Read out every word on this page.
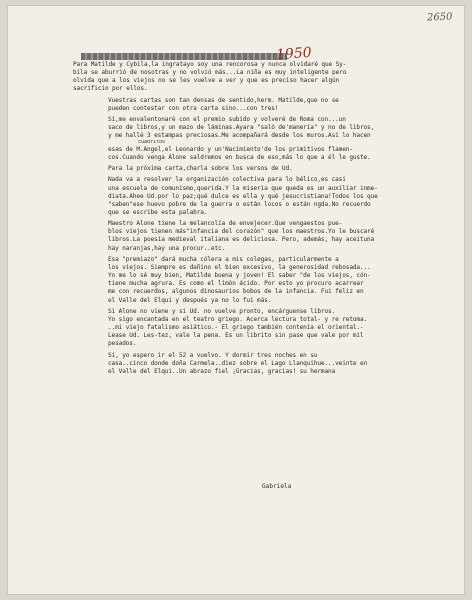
2650
1950
Para Matilde y Cybila,la ingratayo soy una rencorosa y nunca olvidaré que Sy-
bila se aburrió de nosotras y no volvió más...La niña es muy inteligente pero
olvida que a los viejos no se les vuelve a ver y que es preciso hacer algún
sacrificio por ellos.
Vuestras cartas son tan densas de sentido,herm. Matilde,que no se
pueden contestar con otra carta sino...con tres!
Sí,me envalentonaré con el premio subido y volveré de Roma con...un
saco de libros,y un mazo de láminas.Ayara "saló de'manería" y no de libros,
y me hallé 3 estampas preciosas.Me acompañará desde los muros.Así lo hacen
cuadritos
esas de M.Angel,el Leonardo y un'Nacimiento'de los primitivos flamen-
cos.Cuando venga Alone saldremos en busca de eso,más lo que a él le guste.
Para la próxima carta,charla sobre los versos de Ud.
Nada va a resolver la organización colectiva para lo bélico,es casi
una escuela de comunismo,querida.Y la miseria que queda es un auxiliar inme-
diata.Ahee Ud.por lo paz;qué dulce es ella y qué jesucristiana!Todos los que
"saben"ese huevo pobre de la guerra o están locos o están ngda.No recuerdo
que se escribe esta palabra.
Maestro Alone tiene la melancolía de envejecer.Que vengaestos pue-
blos viejos tienen más"infancia del corazón" que los maestros.Yo le buscaré
libros.La poesía medieval italiana es deliciosa. Pero, además, hay aceituna
hay naranjas,hay una procur..etc.
Esa "premiazo" dará mucha cólera a mis colegas, particularmente a
los viejos. Siempre es dañino el bien excesivo, la generosidad rebosada...
Yo me lo sé muy bien, Matilde buena y joven! El saber "de los viejos, cón-
tiene mucha agrura. Es como el limón ácido. Por esto yo procuro acarrear
me con recuerdos, algunos dinosaurios bobos de la infancia. Fui feliz en
el Valle del Elqui y después ya no lo fui más.
Si Alone no viene y si Ud. no vuelve pronto, encárguense libros.
Yo sigo encantada en el teatro griego. Acerca lectura total- y re retoma.
..mi viejo fatalismo asiático.- El griego también contenía el oriental.-
Lease Ud. Les-tez, vale la pena. Es un librito sin pase que vale por mil
pesados.
Sí, yo espero ir el 52 a vuelvo. Y dormir tres noches en su
casa..cinco donde doña Carmela..diez sobre el Lago Llanquihue...veinte en
el Valle del Elqui..Un abrazo fiel ¡Gracias, gracias! su hermana
Gabriela
